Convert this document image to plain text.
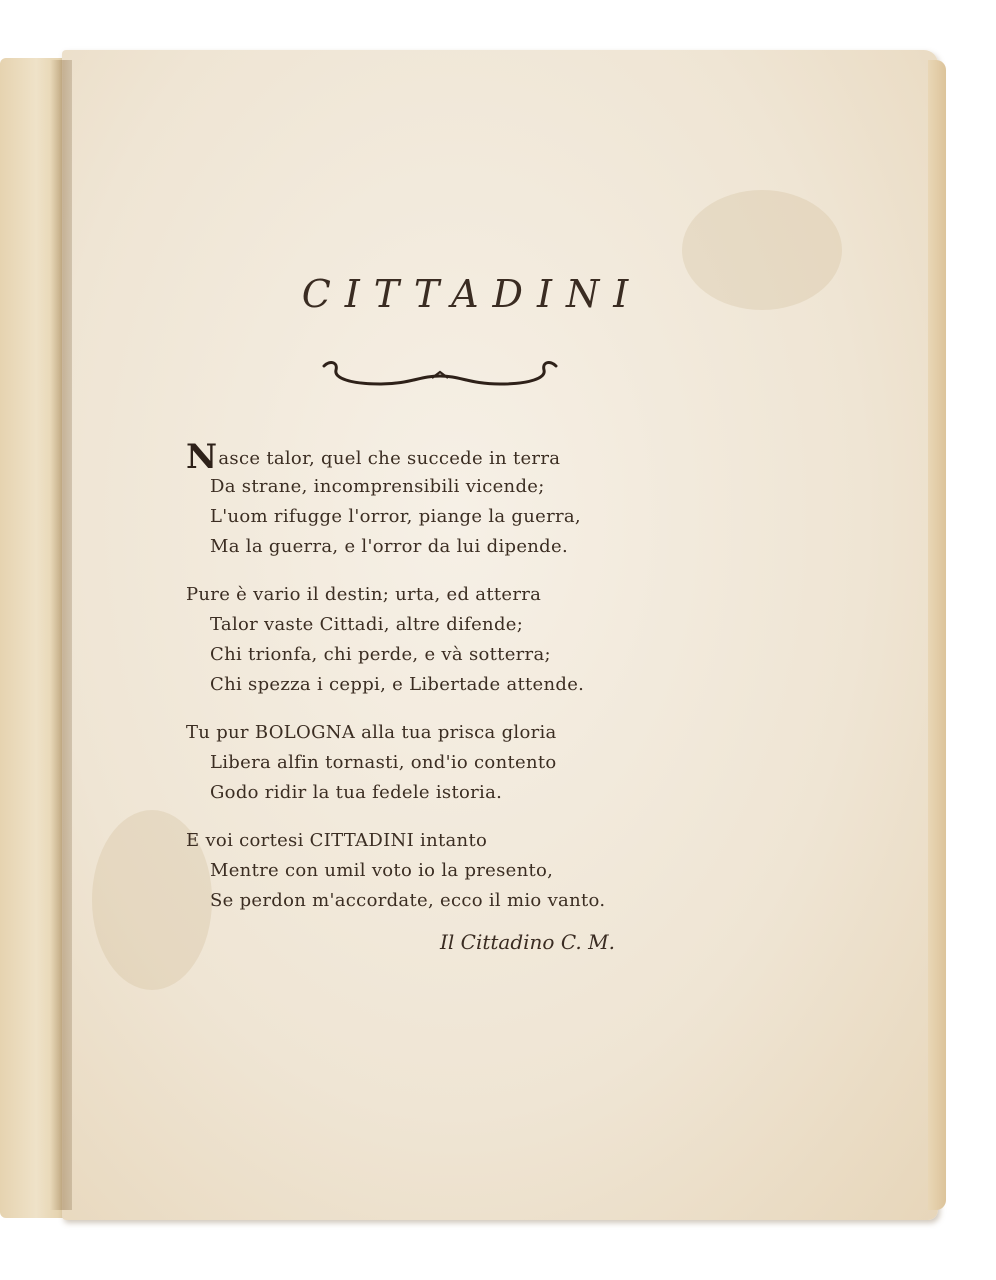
CITTADINI
Nasce talor, quel che succede in terra
Da strane, incomprensibili vicende;
L'uom rifugge l'orror, piange la guerra,
Ma la guerra, e l'orror da lui dipende.
Pure è vario il destin; urta, ed atterra
Talor vaste Cittadi, altre difende;
Chi trionfa, chi perde, e và sotterra;
Chi spezza i ceppi, e Libertade attende.
Tu pur BOLOGNA alla tua prisca gloria
Libera alfin tornasti, ond'io contento
Godo ridir la tua fedele istoria.
E voi cortesi CITTADINI intanto
Mentre con umil voto io la presento,
Se perdon m'accordate, ecco il mio vanto.
Il Cittadino C. M.
